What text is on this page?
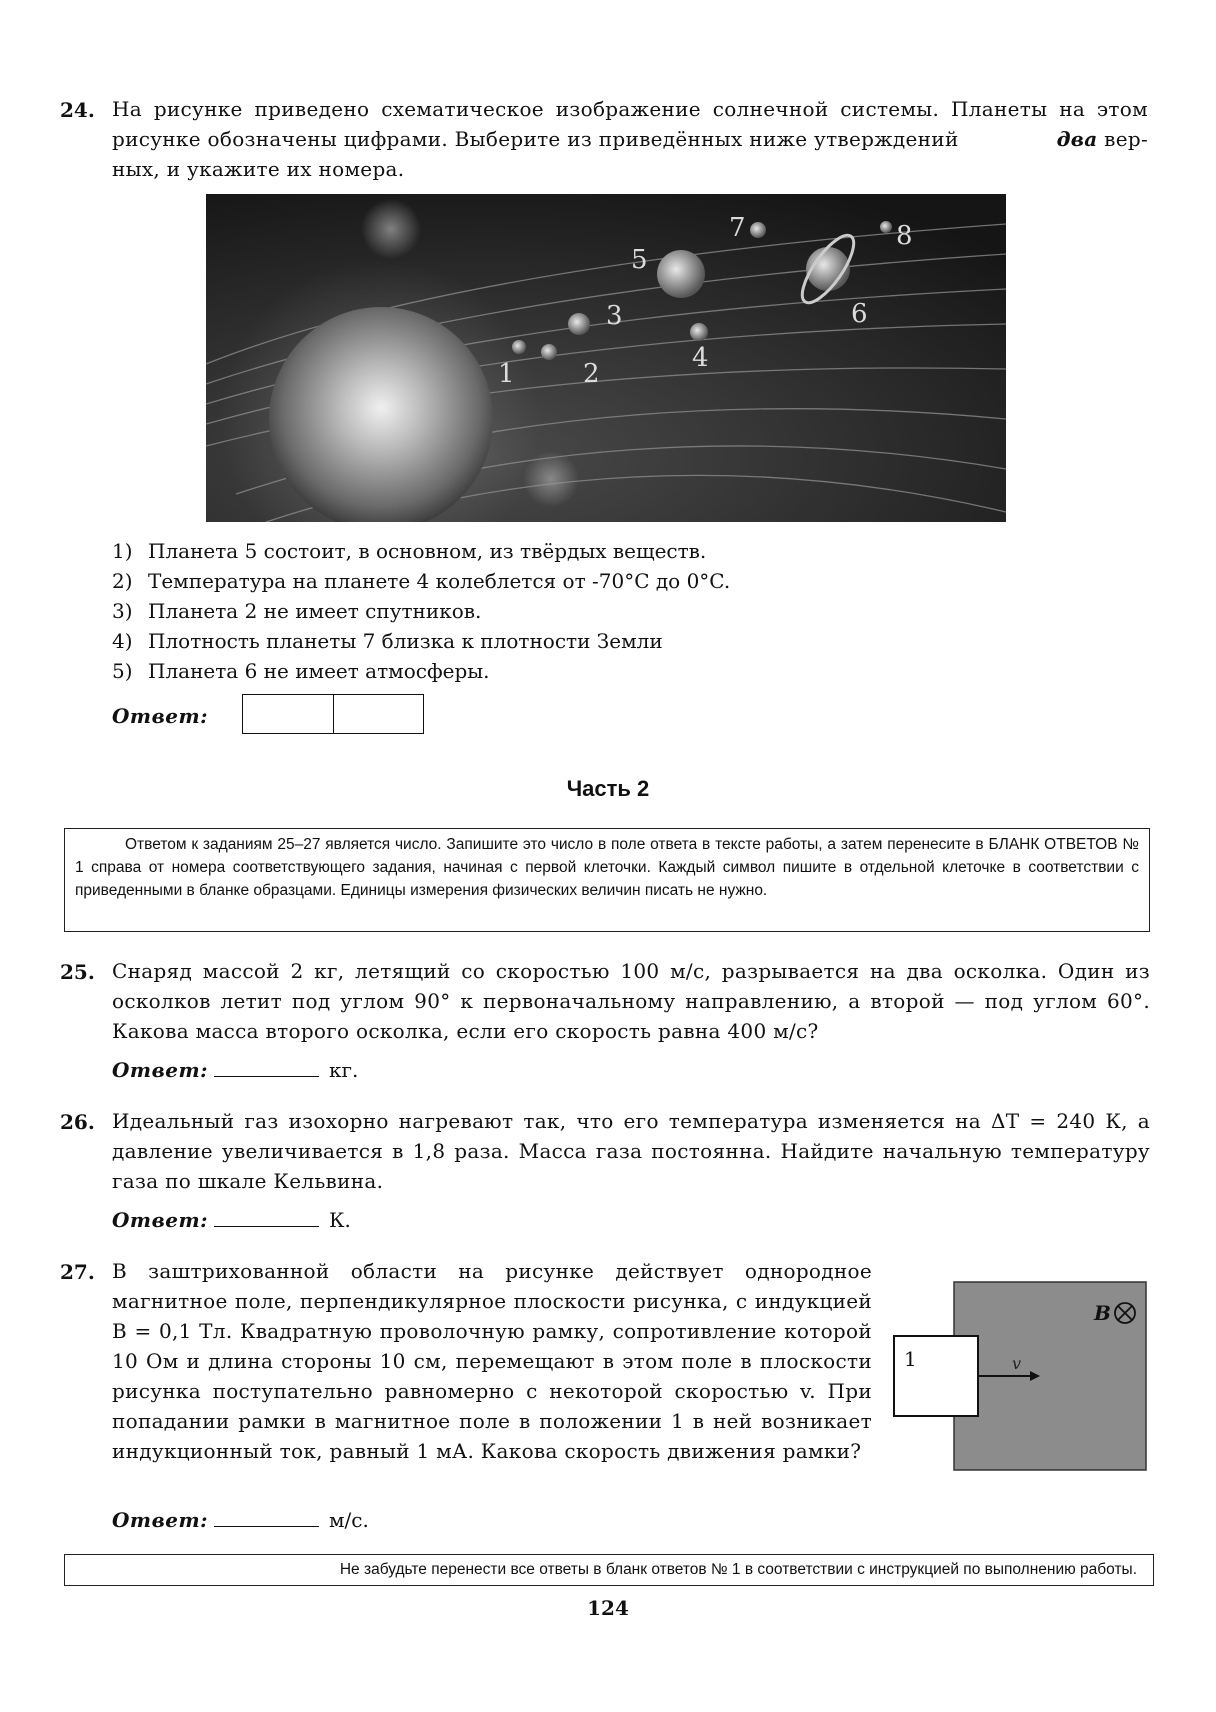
24. На рисунке приведено схематическое изображение солнечной системы. Планеты на этом
рисунке обозначены цифрами. Выберите из приведённых ниже утверждений	два вер-
ных, и укажите их номера.
1	2
3
4
5
6
7	8
1) Планета 5 состоит, в основном, из твёрдых веществ.
2) Температура на планете 4 колеблется от -70°C до 0°C.
3) Планета 2 не имеет спутников.
4) Плотность планеты 7 близка к плотности Земли
5) Планета 6 не имеет атмосферы.
Ответ:
Часть 2
Ответом к заданиям 25–27 является число. Запишите это число в поле ответа в тексте работы, а затем перенесите в БЛАНК ОТВЕТОВ № 1 справа от номера соответствующего задания, начиная с первой клеточки. Каждый символ пишите в отдельной клеточке в соответствии с приведенными в бланке образцами. Единицы измерения физических величин писать не нужно.
25. Снаряд массой 2 кг, летящий со скоростью 100 м/с, разрывается на два осколка. Один из осколков летит под углом 90° к первоначальному направлению, а второй — под углом 60°. Какова масса второго осколка, если его скорость равна 400 м/с?
Ответ:	кг.
26. Идеальный газ изохорно нагревают так, что его температура изменяется на ΔT = 240 К, а давление увеличивается в 1,8 раза. Масса газа постоянна. Найдите начальную температуру газа по шкале Кельвина.
Ответ:	К.
27. В заштрихованной области на рисунке действует однородное магнитное поле, перпендикулярное плоскости рисунка, с индукцией B = 0,1 Тл. Квадратную проволочную рамку, сопротивление которой 10 Ом и длина стороны 10 см, перемещают в этом поле в плоскости рисунка поступательно равномерно с некоторой скоростью v. При попадании рамки в магнитное поле в положении 1 в ней возникает индукционный ток, равный 1 мА. Какова скорость движения рамки?
1	v
B
Ответ:	м/с.
Не забудьте перенести все ответы в бланк ответов № 1 в соответствии с инструкцией по выполнению работы.
124
